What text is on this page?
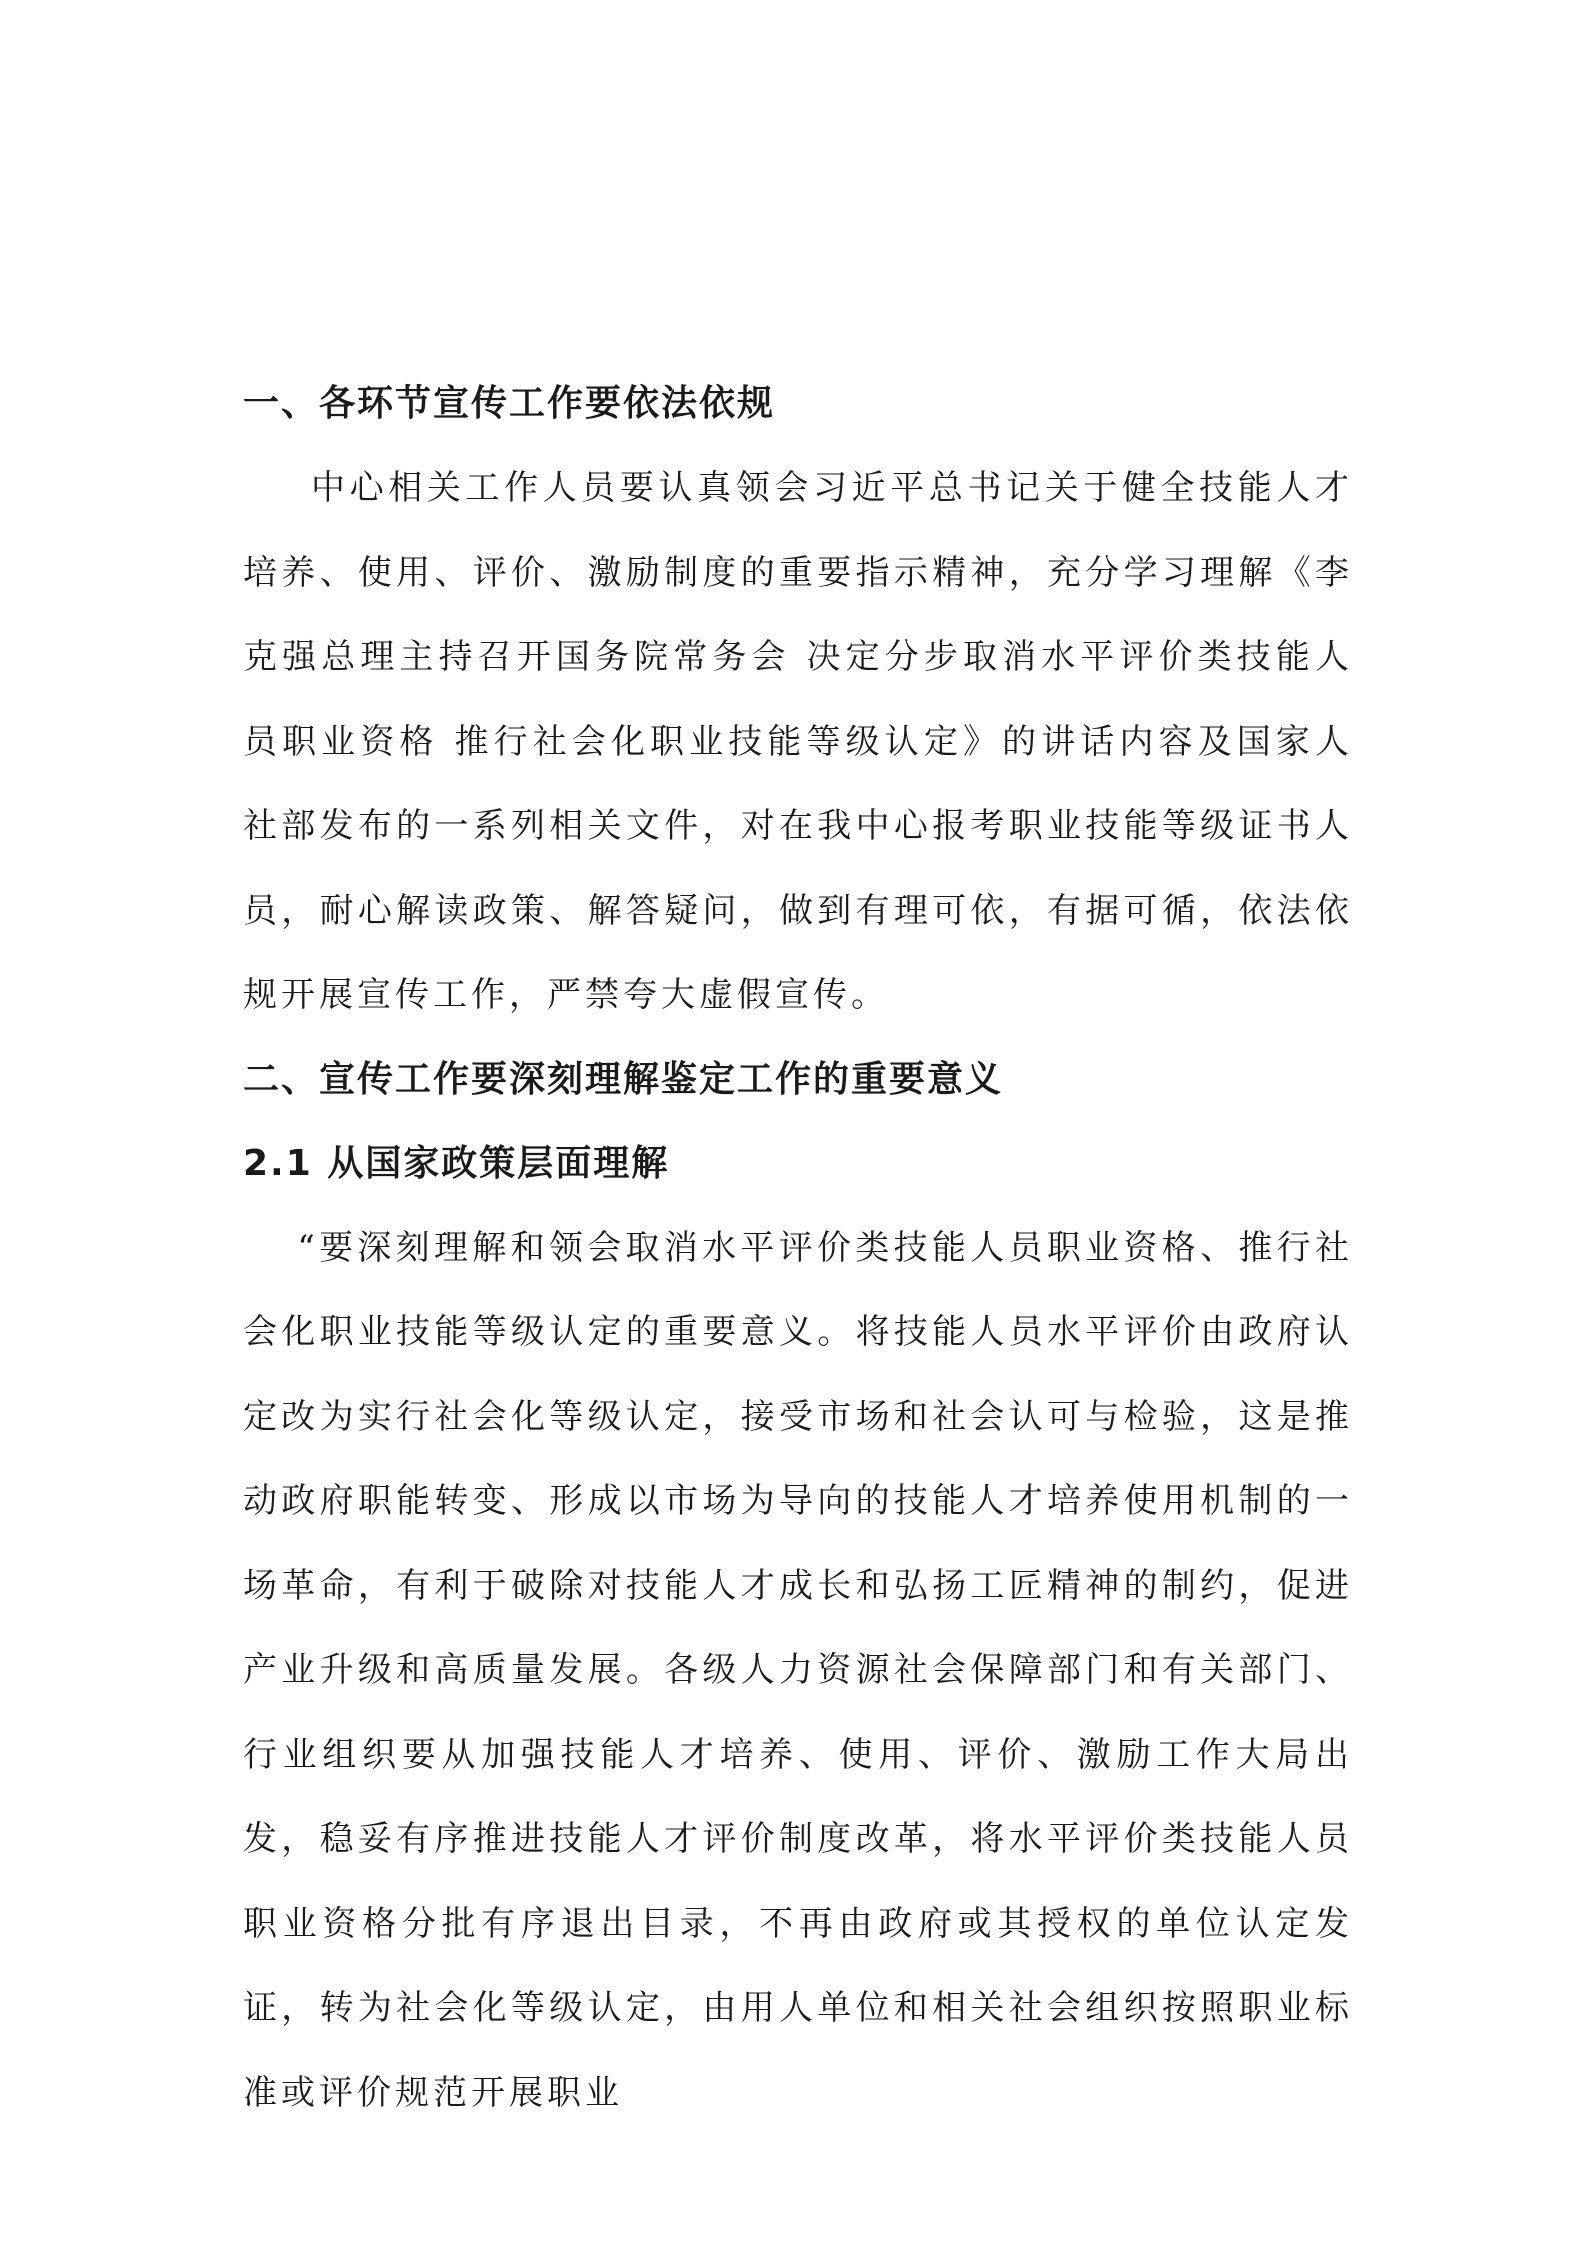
一、各环节宣传工作要依法依规

中心相关工作人员要认真领会习近平总书记关于健全技能人才培养、使用、评价、激励制度的重要指示精神，充分学习理解《李克强总理主持召开国务院常务会 决定分步取消水平评价类技能人员职业资格 推行社会化职业技能等级认定》的讲话内容及国家人社部发布的一系列相关文件，对在我中心报考职业技能等级证书人员，耐心解读政策、解答疑问，做到有理可依，有据可循，依法依规开展宣传工作，严禁夸大虚假宣传。

二、宣传工作要深刻理解鉴定工作的重要意义
2.1 从国家政策层面理解

“要深刻理解和领会取消水平评价类技能人员职业资格、推行社会化职业技能等级认定的重要意义。将技能人员水平评价由政府认定改为实行社会化等级认定，接受市场和社会认可与检验，这是推动政府职能转变、形成以市场为导向的技能人才培养使用机制的一场革命，有利于破除对技能人才成长和弘扬工匠精神的制约，促进产业升级和高质量发展。各级人力资源社会保障部门和有关部门、行业组织要从加强技能人才培养、使用、评价、激励工作大局出发，稳妥有序推进技能人才评价制度改革，将水平评价类技能人员职业资格分批有序退出目录，不再由政府或其授权的单位认定发证，转为社会化等级认定，由用人单位和相关社会组织按照职业标准或评价规范开展职业
